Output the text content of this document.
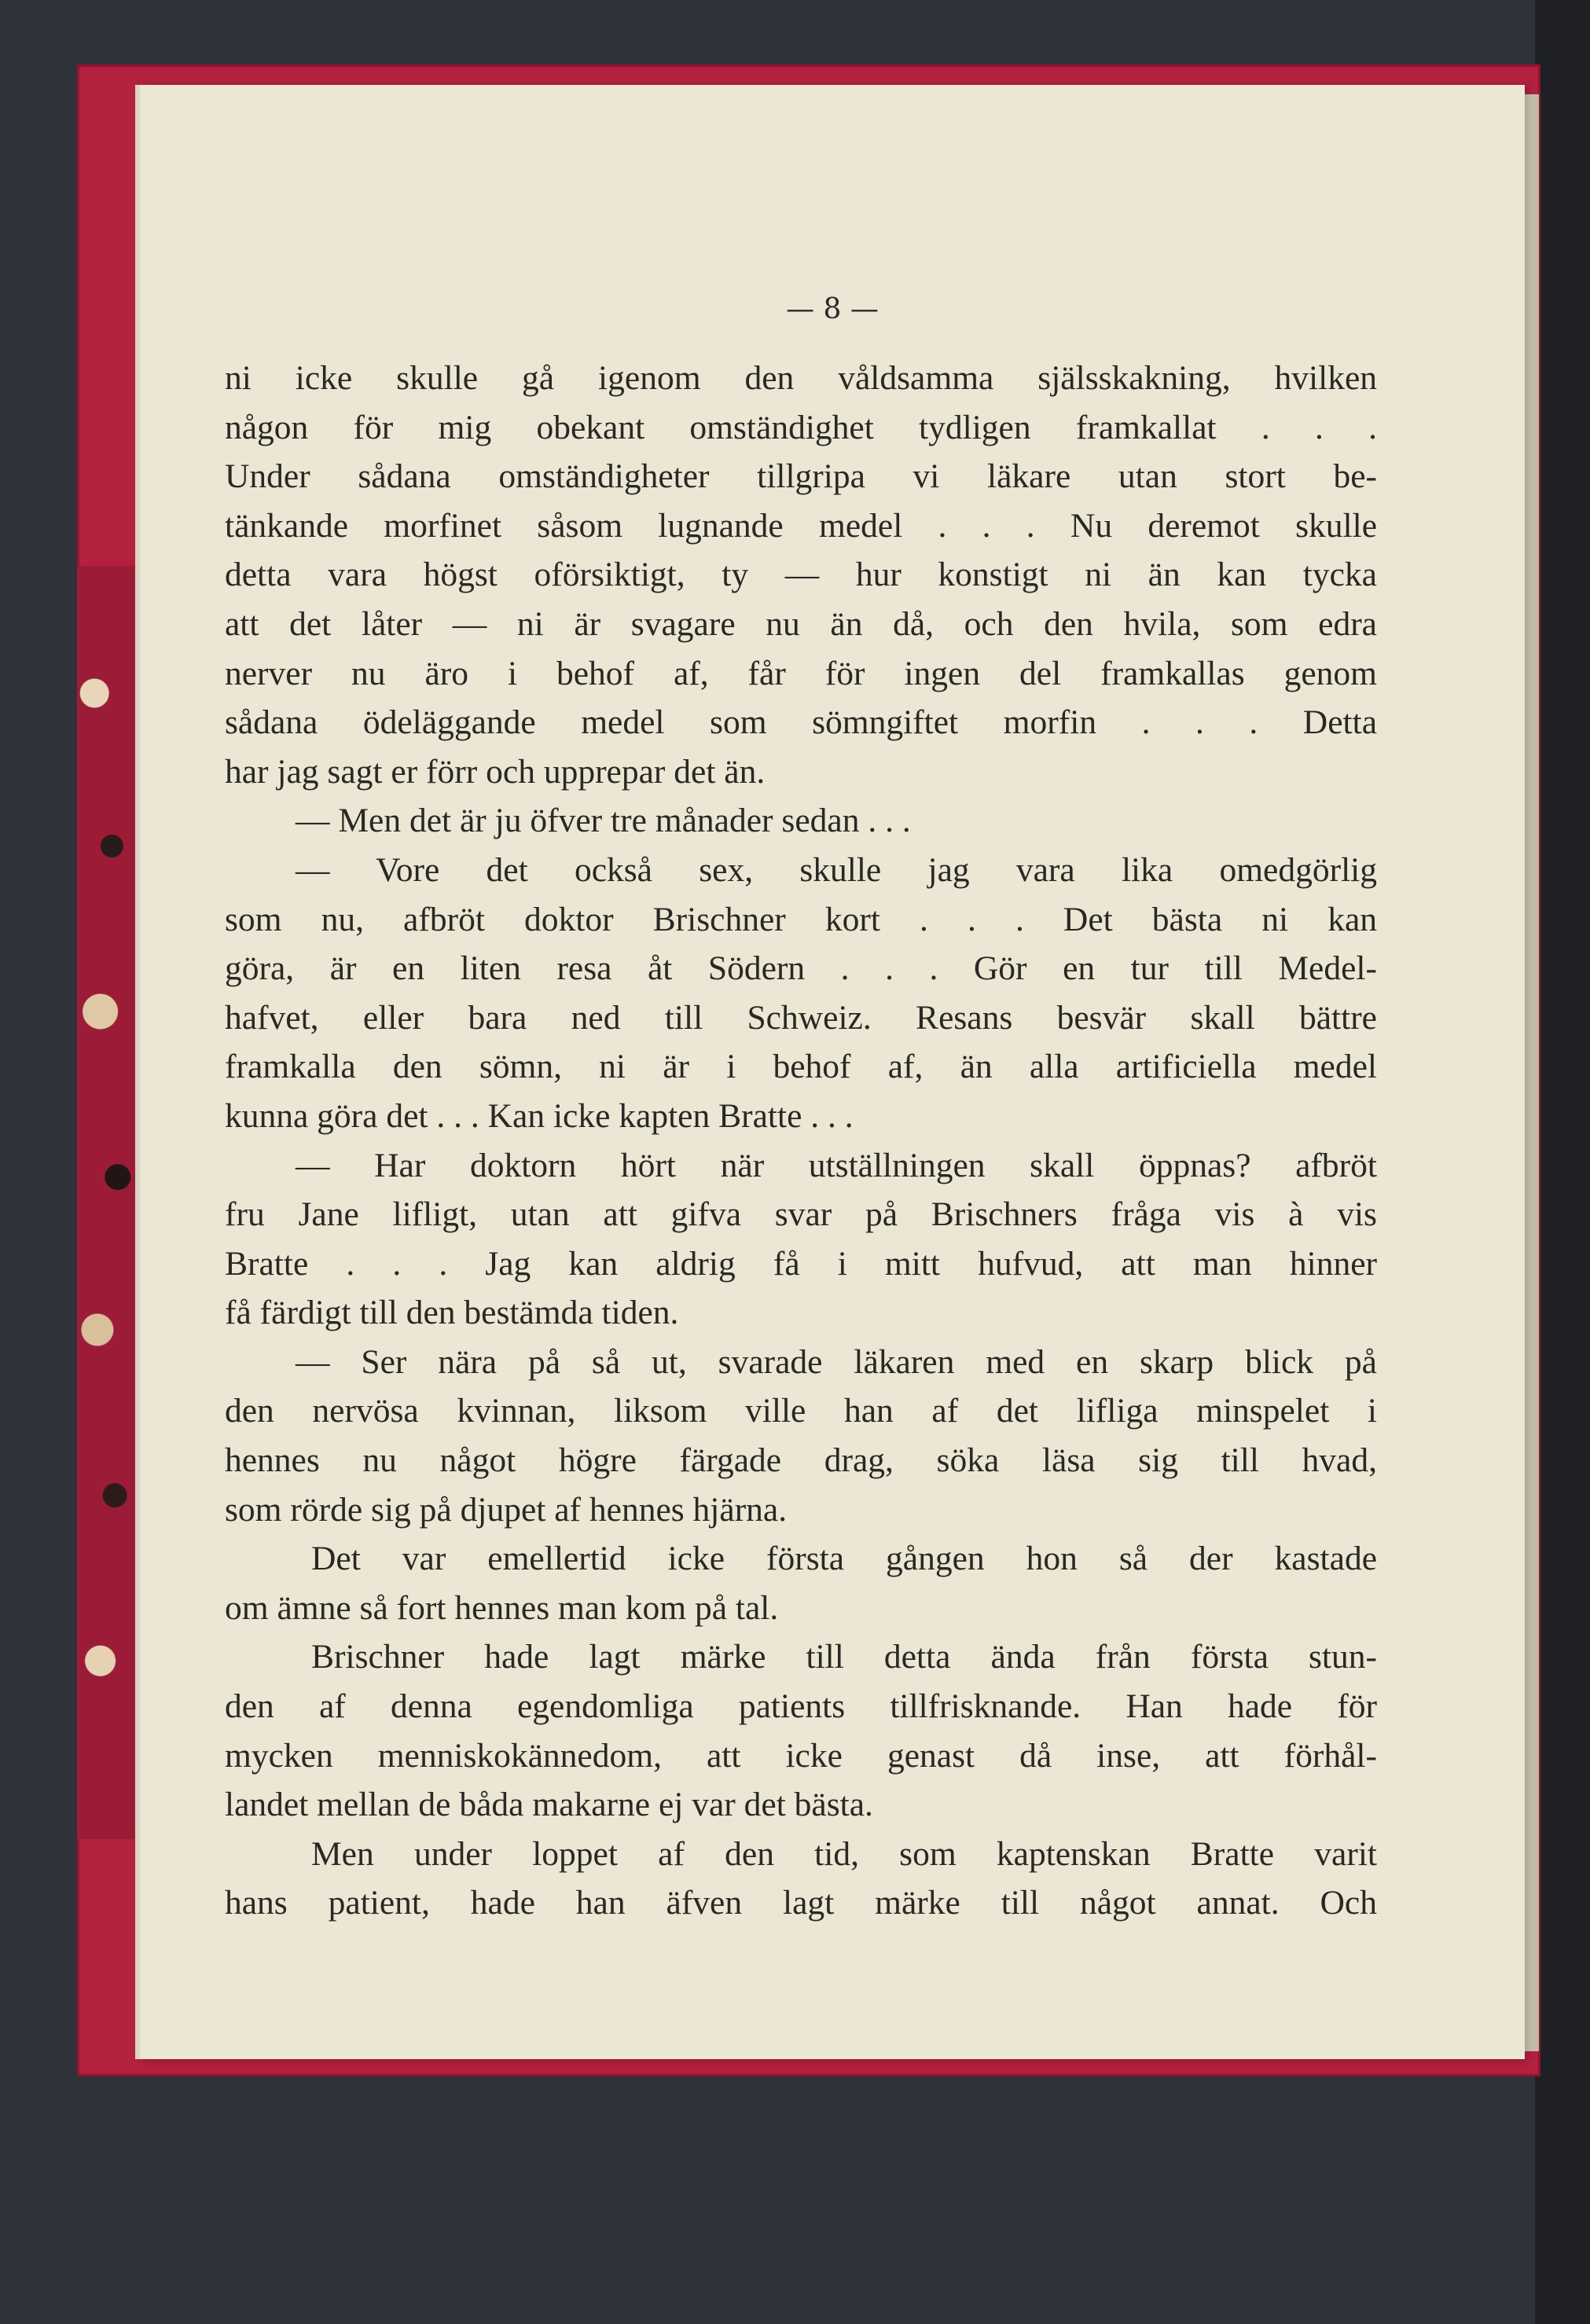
— 8 —
ni icke skulle gå igenom den våldsamma själsskakning, hvilken
någon för mig obekant omständighet tydligen framkallat . . .
Under sådana omständigheter tillgripa vi läkare utan stort be-
tänkande morfinet såsom lugnande medel . . . Nu deremot skulle
detta vara högst oförsiktigt, ty — hur konstigt ni än kan tycka
att det låter — ni är svagare nu än då, och den hvila, som edra
nerver nu äro i behof af, får för ingen del framkallas genom
sådana ödeläggande medel som sömngiftet morfin . . . Detta
har jag sagt er förr och upprepar det än.
— Men det är ju öfver tre månader sedan . . .
— Vore det också sex, skulle jag vara lika omedgörlig
som nu, afbröt doktor Brischner kort . . . Det bästa ni kan
göra, är en liten resa åt Södern . . . Gör en tur till Medel-
hafvet, eller bara ned till Schweiz. Resans besvär skall bättre
framkalla den sömn, ni är i behof af, än alla artificiella medel
kunna göra det . . . Kan icke kapten Bratte . . .
— Har doktorn hört när utställningen skall öppnas? afbröt
fru Jane lifligt, utan att gifva svar på Brischners fråga vis à vis
Bratte . . . Jag kan aldrig få i mitt hufvud, att man hinner
få färdigt till den bestämda tiden.
— Ser nära på så ut, svarade läkaren med en skarp blick på
den nervösa kvinnan, liksom ville han af det lifliga minspelet i
hennes nu något högre färgade drag, söka läsa sig till hvad,
som rörde sig på djupet af hennes hjärna.
Det var emellertid icke första gången hon så der kastade
om ämne så fort hennes man kom på tal.
Brischner hade lagt märke till detta ända från första stun-
den af denna egendomliga patients tillfrisknande. Han hade för
mycken menniskokännedom, att icke genast då inse, att förhål-
landet mellan de båda makarne ej var det bästa.
Men under loppet af den tid, som kaptenskan Bratte varit
hans patient, hade han äfven lagt märke till något annat. Och
